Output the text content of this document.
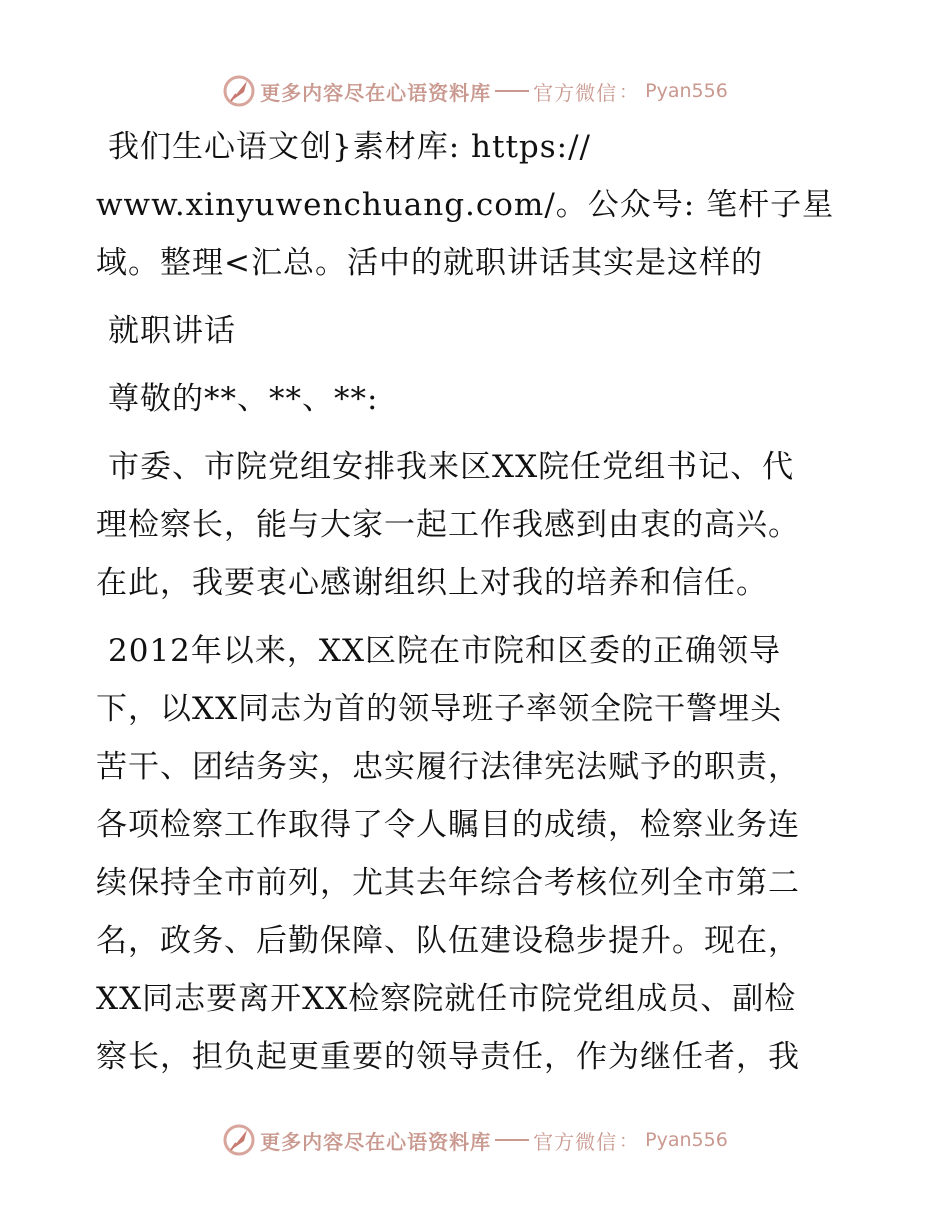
更多内容尽在心语资料库 官方微信 ： Pyan556

我们生心语文创}素材库: https://

www.xinyuwenchuang.com/。公众号: 笔杆子星

域。整理<汇总。活中的就职讲话其实是这样的

就职讲话

尊敬的**、**、**:

市委、市院党组安排我来区XX院任党组书记、代

理检察长，能与大家一起工作我感到由衷的高兴。

在此，我要衷心感谢组织上对我的培养和信任。

2012年以来，XX区院在市院和区委的正确领导

下，以XX同志为首的领导班子率领全院干警埋头

苦干、团结务实，忠实履行法律宪法赋予的职责，

各项检察工作取得了令人瞩目的成绩，检察业务连

续保持全市前列，尤其去年综合考核位列全市第二

名，政务、后勤保障、队伍建设稳步提升。现在，

XX同志要离开XX检察院就任市院党组成员、副检

察长，担负起更重要的领导责任，作为继任者，我

更多内容尽在心语资料库 官方微信 ： Pyan556
